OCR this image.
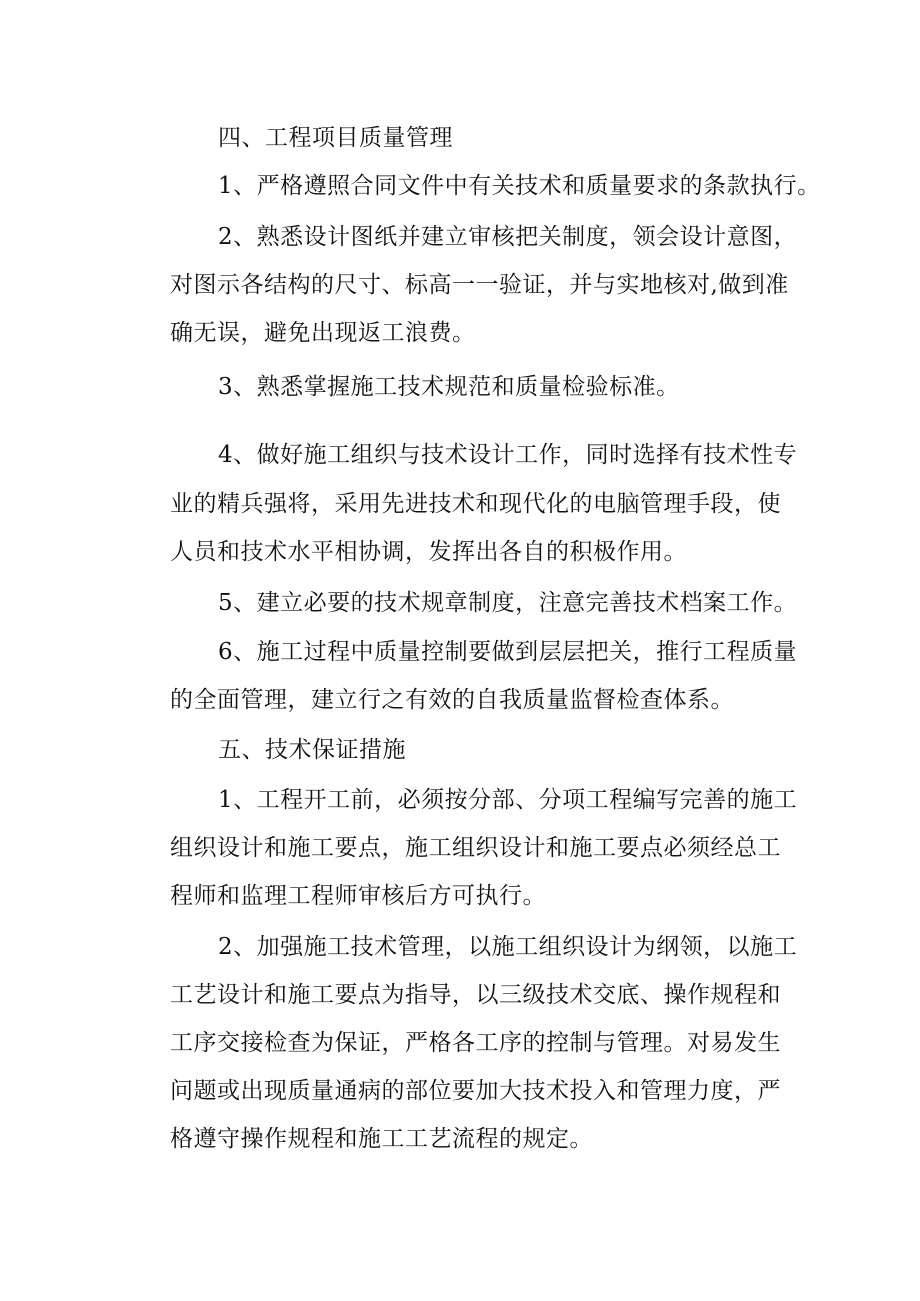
四、工程项目质量管理
1、严格遵照合同文件中有关技术和质量要求的条款执行。
2、熟悉设计图纸并建立审核把关制度，领会设计意图，
对图示各结构的尺寸、标高一一验证，并与实地核对,做到准
确无误，避免出现返工浪费。
3、熟悉掌握施工技术规范和质量检验标准。
4、做好施工组织与技术设计工作，同时选择有技术性专
业的精兵强将，采用先进技术和现代化的电脑管理手段，使
人员和技术水平相协调，发挥出各自的积极作用。
5、建立必要的技术规章制度，注意完善技术档案工作。
6、施工过程中质量控制要做到层层把关，推行工程质量
的全面管理，建立行之有效的自我质量监督检查体系。
五、技术保证措施
1、工程开工前，必须按分部、分项工程编写完善的施工
组织设计和施工要点，施工组织设计和施工要点必须经总工
程师和监理工程师审核后方可执行。
2、加强施工技术管理，以施工组织设计为纲领，以施工
工艺设计和施工要点为指导，以三级技术交底、操作规程和
工序交接检查为保证，严格各工序的控制与管理。对易发生
问题或出现质量通病的部位要加大技术投入和管理力度，严
格遵守操作规程和施工工艺流程的规定。
